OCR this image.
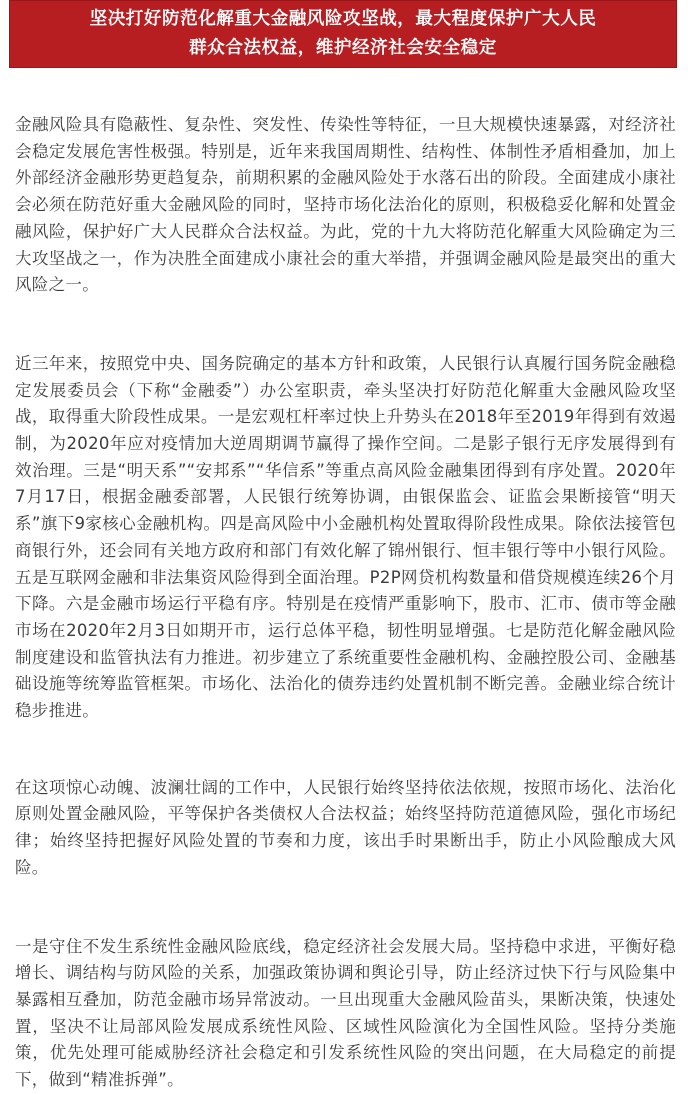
坚决打好防范化解重大金融风险攻坚战，最大程度保护广大人民
群众合法权益，维护经济社会安全稳定

金融风险具有隐蔽性、复杂性、突发性、传染性等特征，一旦大规模快速暴露，对经济社会稳定发展危害性极强。特别是，近年来我国周期性、结构性、体制性矛盾相叠加，加上外部经济金融形势更趋复杂，前期积累的金融风险处于水落石出的阶段。全面建成小康社会必须在防范好重大金融风险的同时，坚持市场化法治化的原则，积极稳妥化解和处置金融风险，保护好广大人民群众合法权益。为此，党的十九大将防范化解重大风险确定为三大攻坚战之一，作为决胜全面建成小康社会的重大举措，并强调金融风险是最突出的重大风险之一。

近三年来，按照党中央、国务院确定的基本方针和政策，人民银行认真履行国务院金融稳定发展委员会（下称“金融委”）办公室职责，牵头坚决打好防范化解重大金融风险攻坚战，取得重大阶段性成果。一是宏观杠杆率过快上升势头在2018年至2019年得到有效遏制，为2020年应对疫情加大逆周期调节赢得了操作空间。二是影子银行无序发展得到有效治理。三是“明天系”“安邦系”“华信系”等重点高风险金融集团得到有序处置。2020年7月17日，根据金融委部署，人民银行统筹协调，由银保监会、证监会果断接管“明天系”旗下9家核心金融机构。四是高风险中小金融机构处置取得阶段性成果。除依法接管包商银行外，还会同有关地方政府和部门有效化解了锦州银行、恒丰银行等中小银行风险。五是互联网金融和非法集资风险得到全面治理。P2P网贷机构数量和借贷规模连续26个月下降。六是金融市场运行平稳有序。特别是在疫情严重影响下，股市、汇市、债市等金融市场在2020年2月3日如期开市，运行总体平稳，韧性明显增强。七是防范化解金融风险制度建设和监管执法有力推进。初步建立了系统重要性金融机构、金融控股公司、金融基础设施等统筹监管框架。市场化、法治化的债券违约处置机制不断完善。金融业综合统计稳步推进。

在这项惊心动魄、波澜壮阔的工作中，人民银行始终坚持依法依规，按照市场化、法治化原则处置金融风险，平等保护各类债权人合法权益；始终坚持防范道德风险，强化市场纪律；始终坚持把握好风险处置的节奏和力度，该出手时果断出手，防止小风险酿成大风险。

一是守住不发生系统性金融风险底线，稳定经济社会发展大局。坚持稳中求进，平衡好稳增长、调结构与防风险的关系，加强政策协调和舆论引导，防止经济过快下行与风险集中暴露相互叠加，防范金融市场异常波动。一旦出现重大金融风险苗头，果断决策，快速处置，坚决不让局部风险发展成系统性风险、区域性风险演化为全国性风险。坚持分类施策，优先处理可能威胁经济社会稳定和引发系统性风险的突出问题，在大局稳定的前提下，做到“精准拆弹”。
